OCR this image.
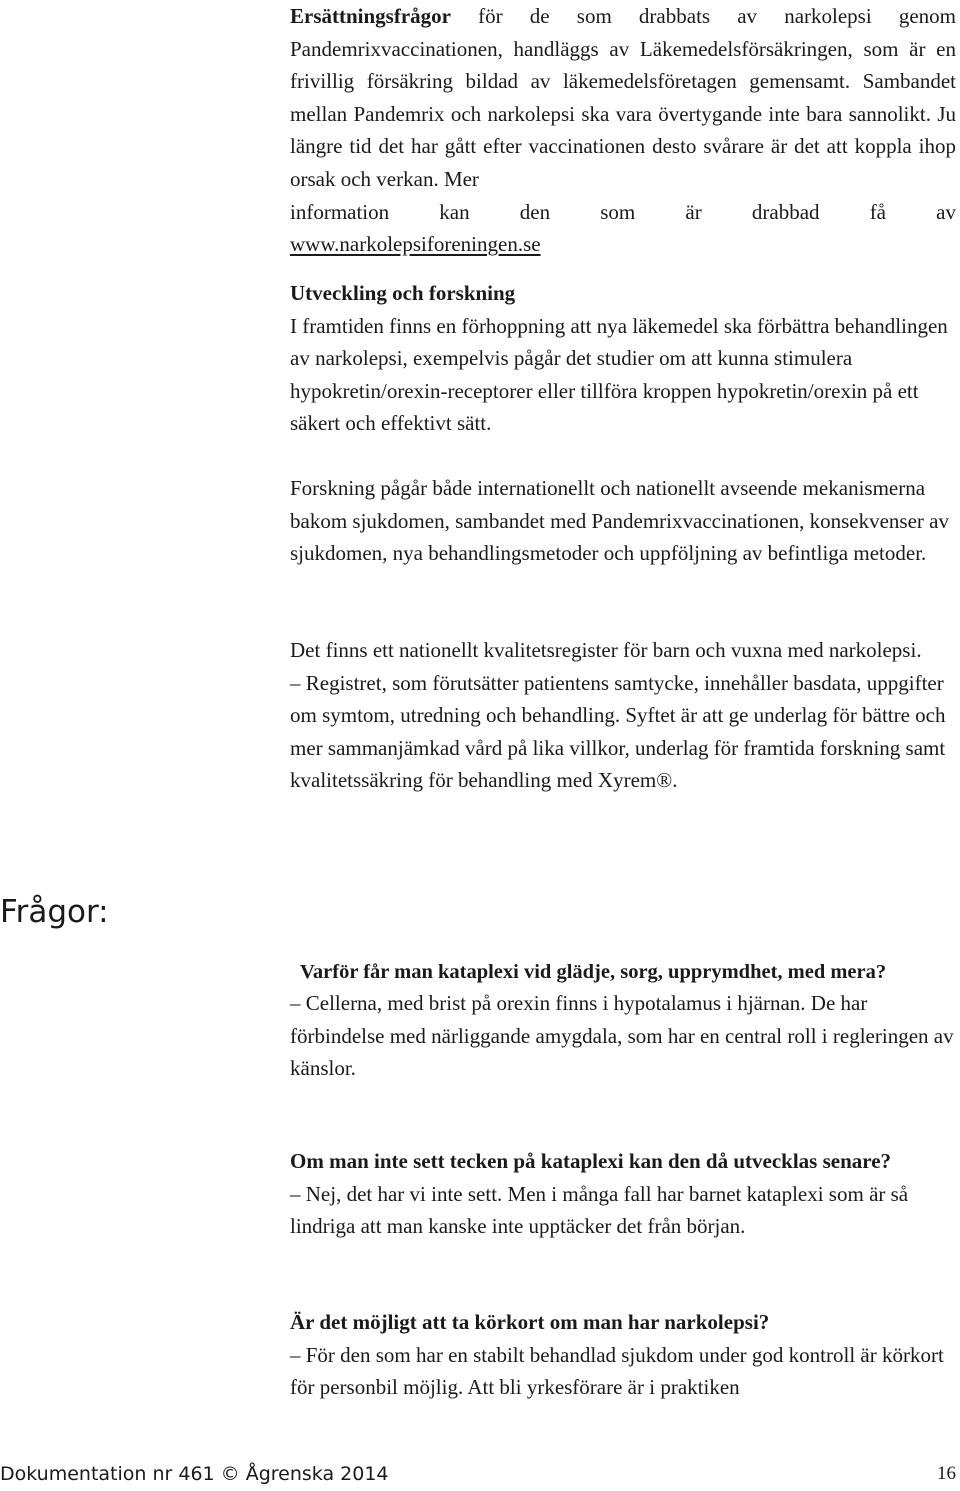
Ersättningsfrågor för de som drabbats av narkolepsi genom Pandemrixvaccinationen, handläggs av Läkemedelsförsäkringen, som är en frivillig försäkring bildad av läkemedelsföretagen gemensamt. Sambandet mellan Pandemrix och narkolepsi ska vara övertygande inte bara sannolikt. Ju längre tid det har gått efter vaccinationen desto svårare är det att koppla ihop orsak och verkan. Mer

information kan den som är drabbad få av

www.narkolepsiforeningen.se

Utveckling och forskning

I framtiden finns en förhoppning att nya läkemedel ska förbättra behandlingen av narkolepsi, exempelvis pågår det studier om att kunna stimulera hypokretin/orexin-receptorer eller tillföra kroppen hypokretin/orexin på ett säkert och effektivt sätt.

Forskning pågår både internationellt och nationellt avseende mekanismerna bakom sjukdomen, sambandet med Pandemrixvaccinationen, konsekvenser av sjukdomen, nya behandlingsmetoder och uppföljning av befintliga metoder.

Det finns ett nationellt kvalitetsregister för barn och vuxna med narkolepsi.

– Registret, som förutsätter patientens samtycke, innehåller basdata, uppgifter om symtom, utredning och behandling. Syftet är att ge underlag för bättre och mer sammanjämkad vård på lika villkor, underlag för framtida forskning samt kvalitetssäkring för behandling med Xyrem®.

Frågor:

Varför får man kataplexi vid glädje, sorg, upprymdhet, med mera?

– Cellerna, med brist på orexin finns i hypotalamus i hjärnan. De har förbindelse med närliggande amygdala, som har en central roll i regleringen av känslor.

Om man inte sett tecken på kataplexi kan den då utvecklas senare?

– Nej, det har vi inte sett. Men i många fall har barnet kataplexi som är så lindriga att man kanske inte upptäcker det från början.

Är det möjligt att ta körkort om man har narkolepsi?

– För den som har en stabilt behandlad sjukdom under god kontroll är körkort för personbil möjlig. Att bli yrkesförare är i praktiken

Dokumentation nr 461 © Ågrenska 2014	16
